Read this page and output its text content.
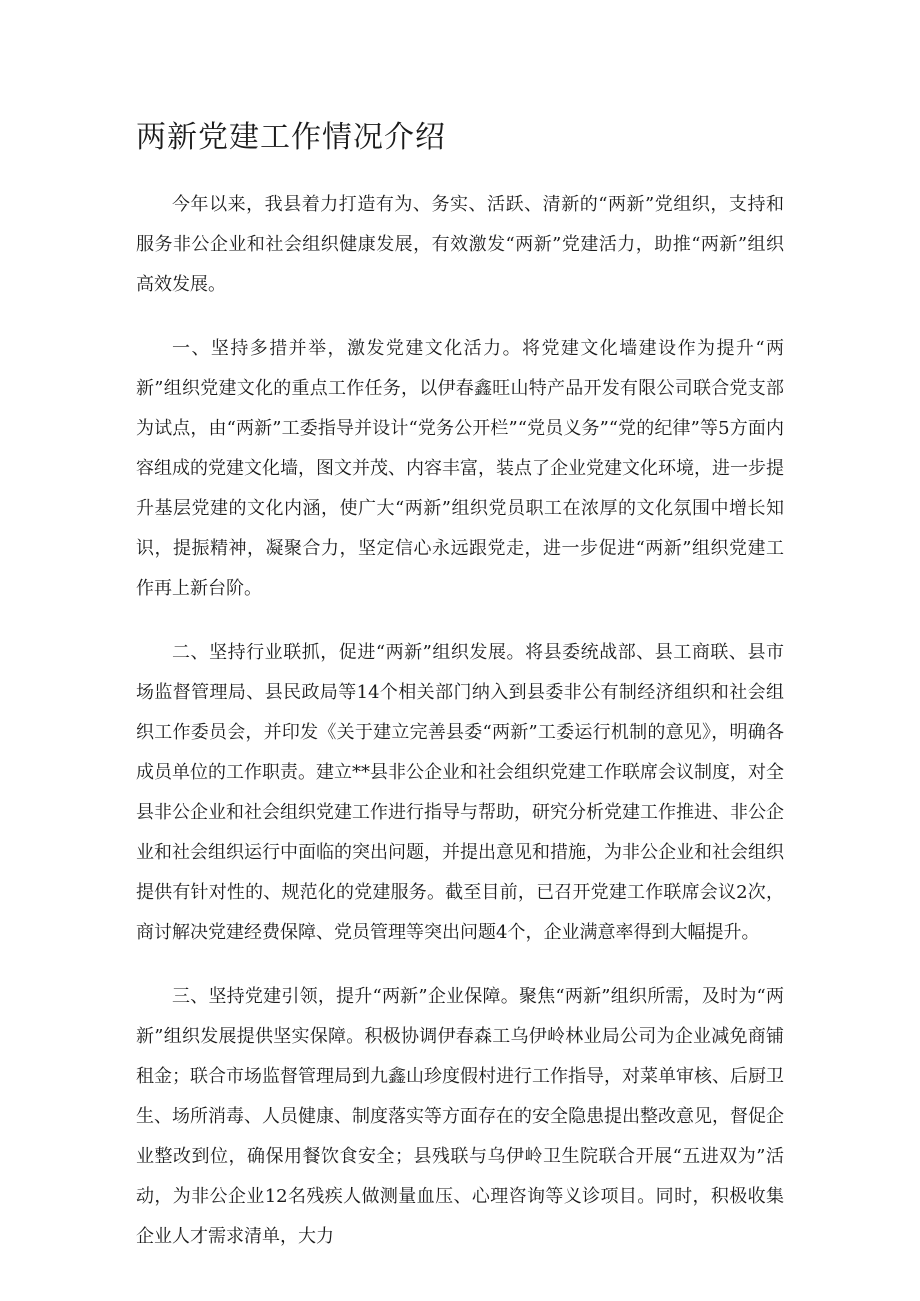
两新党建工作情况介绍

今年以来，我县着力打造有为、务实、活跃、清新的“两新”党组织，支持和服务非公企业和社会组织健康发展，有效激发“两新”党建活力，助推“两新”组织高效发展。

一、坚持多措并举，激发党建文化活力。将党建文化墙建设作为提升“两新”组织党建文化的重点工作任务，以伊春鑫旺山特产品开发有限公司联合党支部为试点，由“两新”工委指导并设计“党务公开栏”“党员义务”“党的纪律”等5方面内容组成的党建文化墙，图文并茂、内容丰富，装点了企业党建文化环境，进一步提升基层党建的文化内涵，使广大“两新”组织党员职工在浓厚的文化氛围中增长知识，提振精神，凝聚合力，坚定信心永远跟党走，进一步促进“两新”组织党建工作再上新台阶。

二、坚持行业联抓，促进“两新”组织发展。将县委统战部、县工商联、县市场监督管理局、县民政局等14个相关部门纳入到县委非公有制经济组织和社会组织工作委员会，并印发《关于建立完善县委“两新”工委运行机制的意见》，明确各成员单位的工作职责。建立**县非公企业和社会组织党建工作联席会议制度，对全县非公企业和社会组织党建工作进行指导与帮助，研究分析党建工作推进、非公企业和社会组织运行中面临的突出问题，并提出意见和措施，为非公企业和社会组织提供有针对性的、规范化的党建服务。截至目前，已召开党建工作联席会议2次，商讨解决党建经费保障、党员管理等突出问题4个，企业满意率得到大幅提升。

三、坚持党建引领，提升“两新”企业保障。聚焦“两新”组织所需，及时为“两新”组织发展提供坚实保障。积极协调伊春森工乌伊岭林业局公司为企业减免商铺租金；联合市场监督管理局到九鑫山珍度假村进行工作指导，对菜单审核、后厨卫生、场所消毒、人员健康、制度落实等方面存在的安全隐患提出整改意见，督促企业整改到位，确保用餐饮食安全；县残联与乌伊岭卫生院联合开展“五进双为”活动，为非公企业12名残疾人做测量血压、心理咨询等义诊项目。同时，积极收集企业人才需求清单，大力
